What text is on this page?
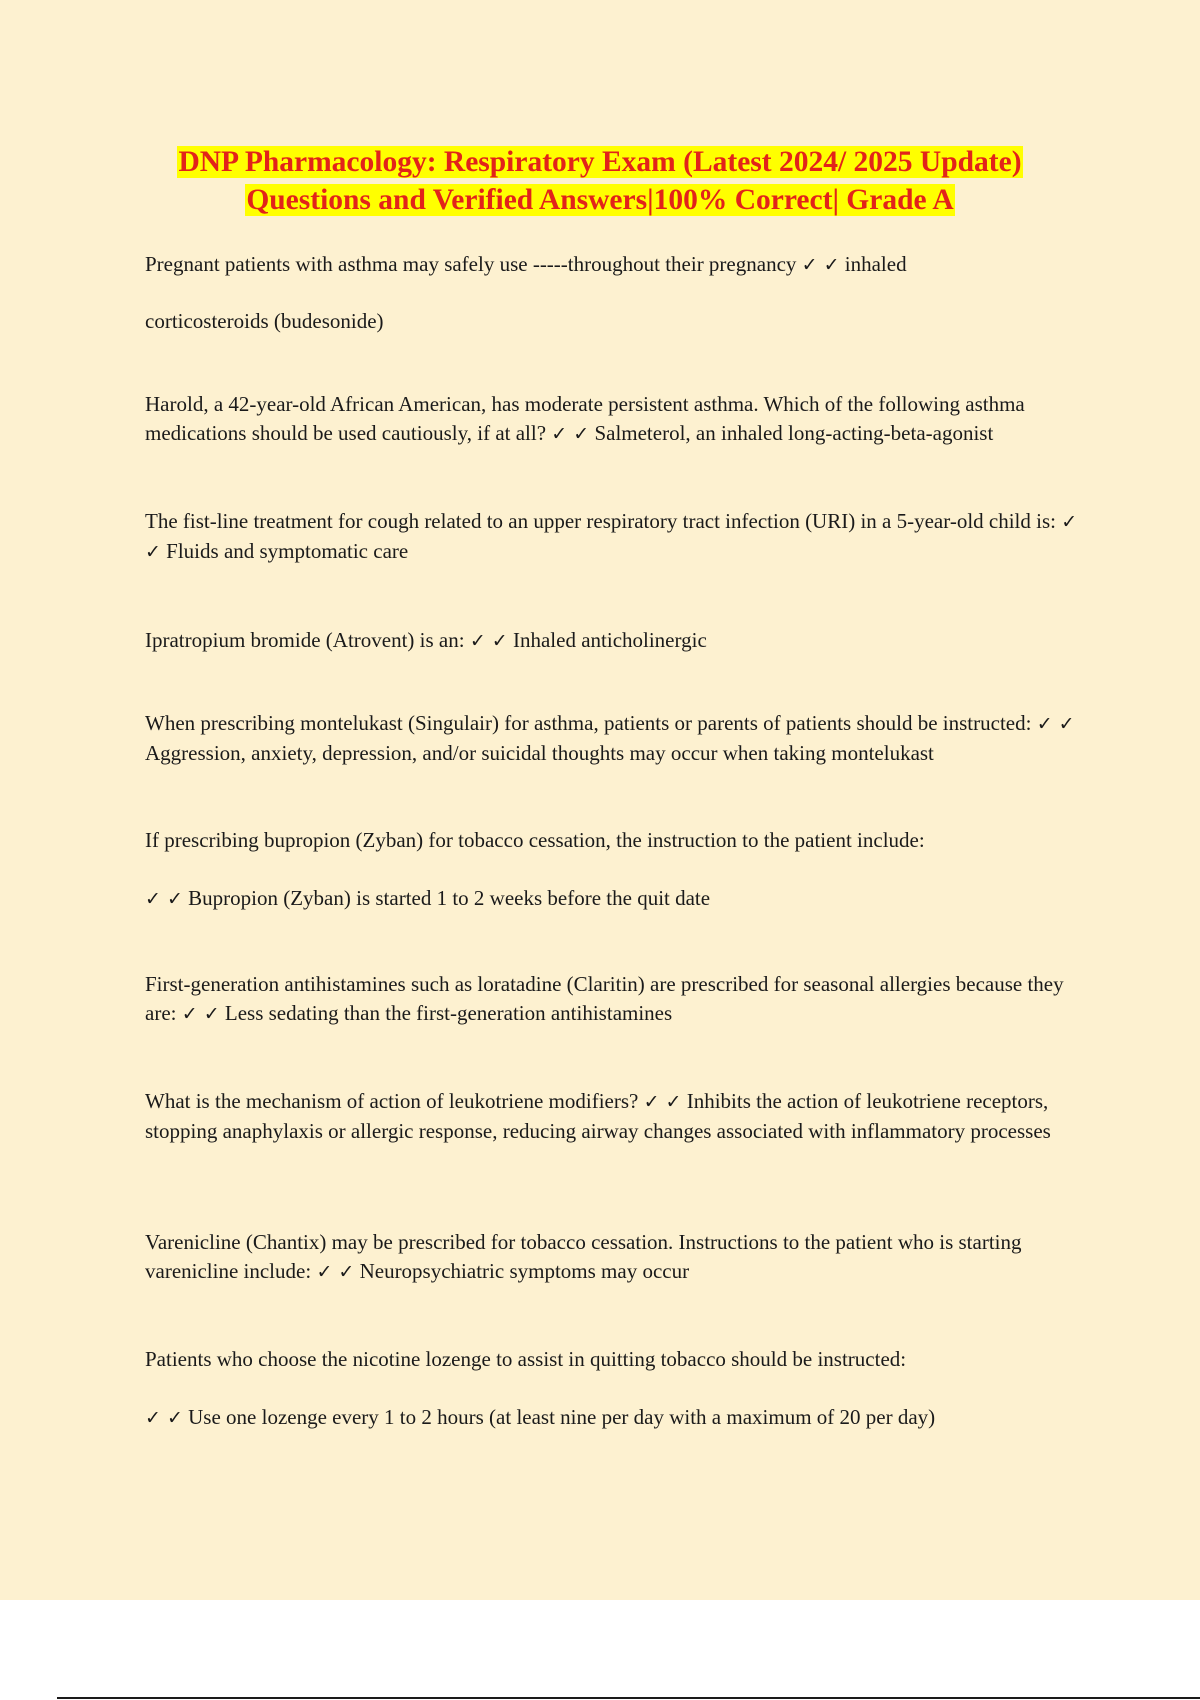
DNP Pharmacology: Respiratory Exam (Latest 2024/ 2025 Update)
Questions and Verified Answers|100% Correct| Grade A

Pregnant patients with asthma may safely use -----throughout their pregnancy ✓ ✓ inhaled

corticosteroids (budesonide)

Harold, a 42-year-old African American, has moderate persistent asthma. Which of the following asthma medications should be used cautiously, if at all? ✓ ✓ Salmeterol, an inhaled long-acting-beta-agonist

The fist-line treatment for cough related to an upper respiratory tract infection (URI) in a 5-year-old child is: ✓ ✓ Fluids and symptomatic care

Ipratropium bromide (Atrovent) is an: ✓ ✓ Inhaled anticholinergic

When prescribing montelukast (Singulair) for asthma, patients or parents of patients should be instructed: ✓ ✓ Aggression, anxiety, depression, and/or suicidal thoughts may occur when taking montelukast

If prescribing bupropion (Zyban) for tobacco cessation, the instruction to the patient include:

✓ ✓ Bupropion (Zyban) is started 1 to 2 weeks before the quit date

First-generation antihistamines such as loratadine (Claritin) are prescribed for seasonal allergies because they are: ✓ ✓ Less sedating than the first-generation antihistamines

What is the mechanism of action of leukotriene modifiers? ✓ ✓ Inhibits the action of leukotriene receptors, stopping anaphylaxis or allergic response, reducing airway changes associated with inflammatory processes

Varenicline (Chantix) may be prescribed for tobacco cessation. Instructions to the patient who is starting varenicline include: ✓ ✓ Neuropsychiatric symptoms may occur

Patients who choose the nicotine lozenge to assist in quitting tobacco should be instructed:

✓ ✓ Use one lozenge every 1 to 2 hours (at least nine per day with a maximum of 20 per day)
